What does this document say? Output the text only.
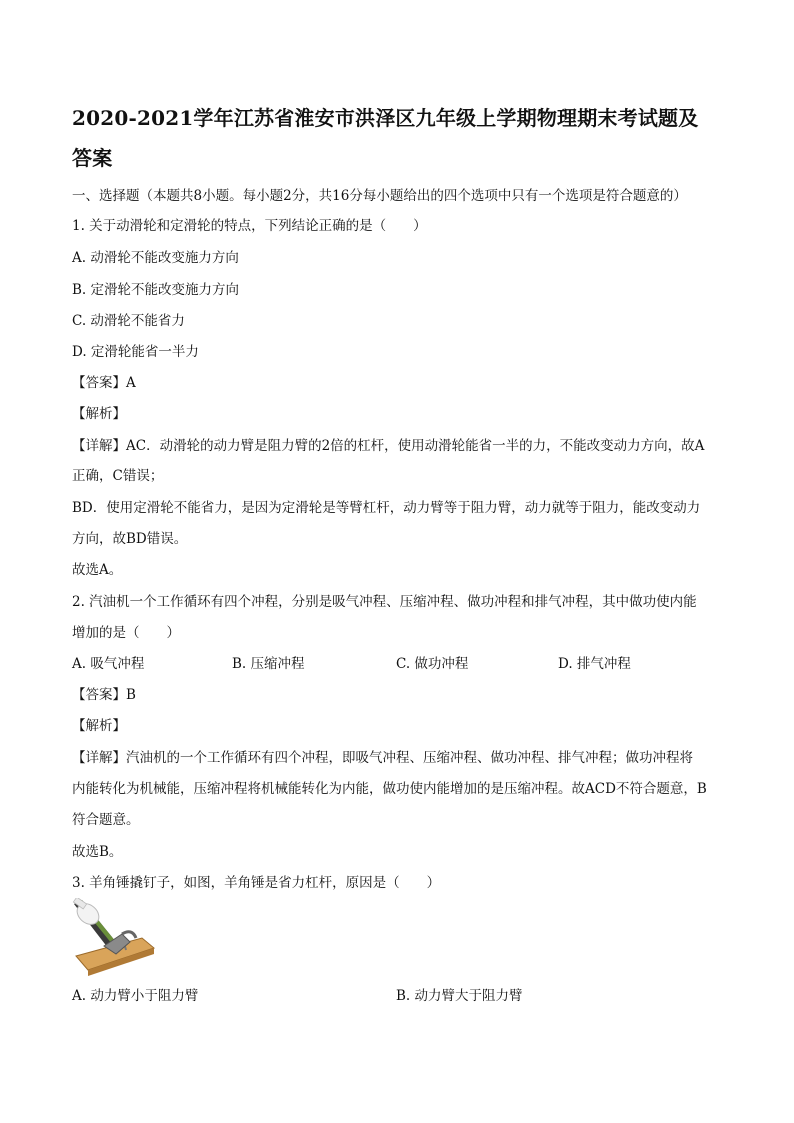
2020-2021学年江苏省淮安市洪泽区九年级上学期物理期末考试题及
答案
一、选择题（本题共8小题。每小题2分，共16分每小题给出的四个选项中只有一个选项是符合题意的）
1. 关于动滑轮和定滑轮的特点，下列结论正确的是（　　）
A. 动滑轮不能改变施力方向
B. 定滑轮不能改变施力方向
C. 动滑轮不能省力
D. 定滑轮能省一半力
【答案】A
【解析】
【详解】AC．动滑轮的动力臂是阻力臂的2倍的杠杆，使用动滑轮能省一半的力，不能改变动力方向，故A
正确，C错误；
BD．使用定滑轮不能省力，是因为定滑轮是等臂杠杆，动力臂等于阻力臂，动力就等于阻力，能改变动力
方向，故BD错误。
故选A。
2. 汽油机一个工作循环有四个冲程，分别是吸气冲程、压缩冲程、做功冲程和排气冲程，其中做功使内能
增加的是（　　）
A. 吸气冲程	B. 压缩冲程	C. 做功冲程	D. 排气冲程
【答案】B
【解析】
【详解】汽油机的一个工作循环有四个冲程，即吸气冲程、压缩冲程、做功冲程、排气冲程；做功冲程将
内能转化为机械能，压缩冲程将机械能转化为内能，做功使内能增加的是压缩冲程。故ACD不符合题意，B
符合题意。
故选B。
3. 羊角锤撬钉子，如图，羊角锤是省力杠杆，原因是（　　）
A. 动力臂小于阻力臂	B. 动力臂大于阻力臂
